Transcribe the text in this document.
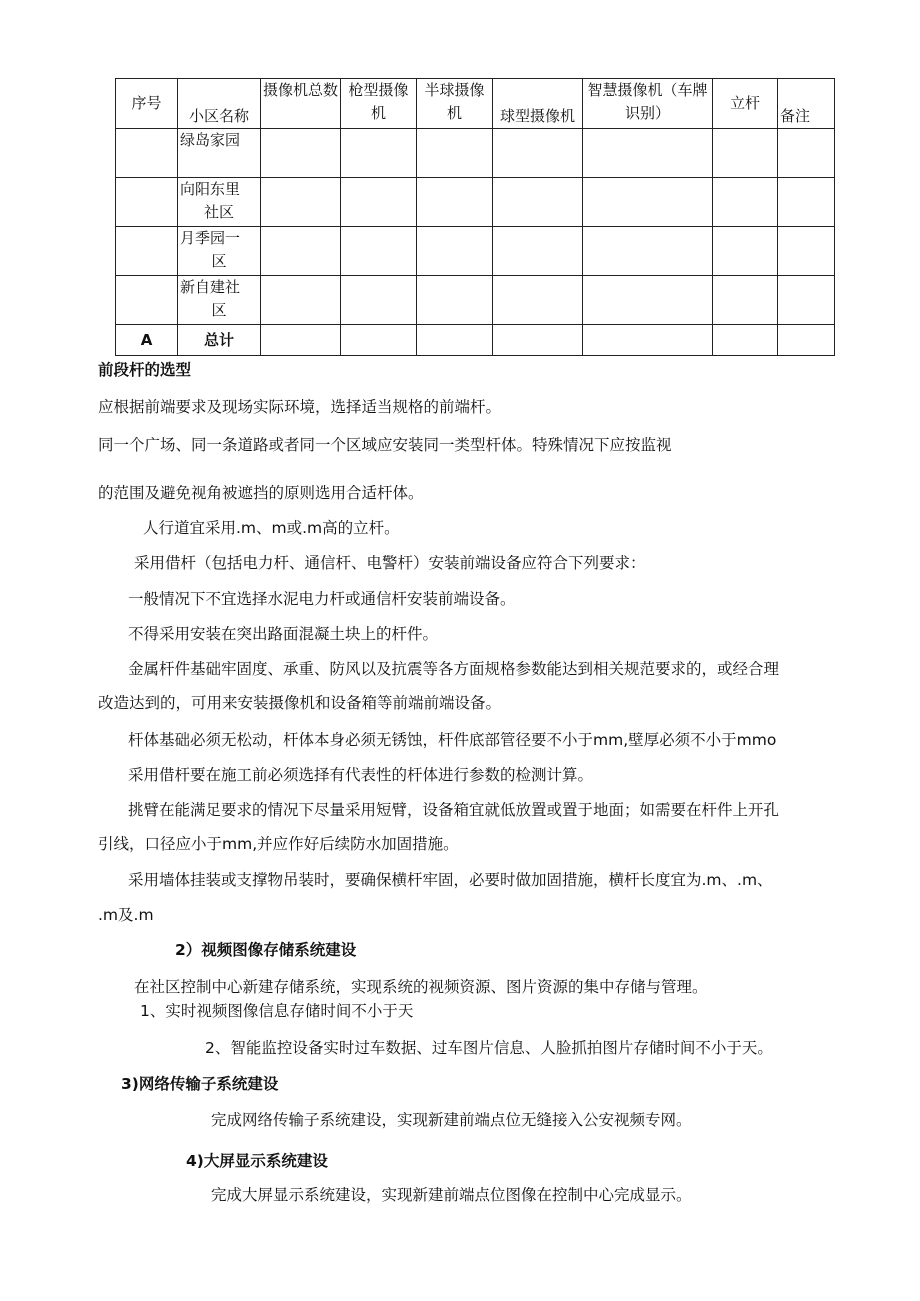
序号	小区名称	摄像机总数	枪型摄像机	半球摄像机	球型摄像机	智慧摄像机（车牌识别）	立杆	备注

	绿岛家园							

	向阳东里
社区							

	月季园一
区							

	新自建社
区							

A	总计							
前段杆的选型
应根据前端要求及现场实际环境，选择适当规格的前端杆。
同一个广场、同一条道路或者同一个区域应安装同一类型杆体。特殊情况下应按监视
的范围及避免视角被遮挡的原则选用合适杆体。
人行道宜采用.m、m或.m高的立杆。
采用借杆（包括电力杆、通信杆、电警杆）安装前端设备应符合下列要求：
一般情况下不宜选择水泥电力杆或通信杆安装前端设备。
不得采用安装在突出路面混凝土块上的杆件。
金属杆件基础牢固度、承重、防风以及抗震等各方面规格参数能达到相关规范要求的，或经合理
改造达到的，可用来安装摄像机和设备箱等前端前端设备。
杆体基础必须无松动，杆体本身必须无锈蚀，杆件底部管径要不小于mm,壁厚必须不小于mmo
采用借杆要在施工前必须选择有代表性的杆体进行参数的检测计算。
挑臂在能满足要求的情况下尽量采用短臂，设备箱宜就低放置或置于地面；如需要在杆件上开孔
引线，口径应小于mm,并应作好后续防水加固措施。
采用墙体挂装或支撑物吊装时，要确保横杆牢固，必要时做加固措施，横杆长度宜为.m、.m、
.m及.m
2）视频图像存储系统建设
在社区控制中心新建存储系统，实现系统的视频资源、图片资源的集中存储与管理。
1、实时视频图像信息存储时间不小于天
2、智能监控设备实时过车数据、过车图片信息、人脸抓拍图片存储时间不小于天。
3)网络传输子系统建设
完成网络传输子系统建设，实现新建前端点位无缝接入公安视频专网。
4)大屏显示系统建设
完成大屏显示系统建设，实现新建前端点位图像在控制中心完成显示。
